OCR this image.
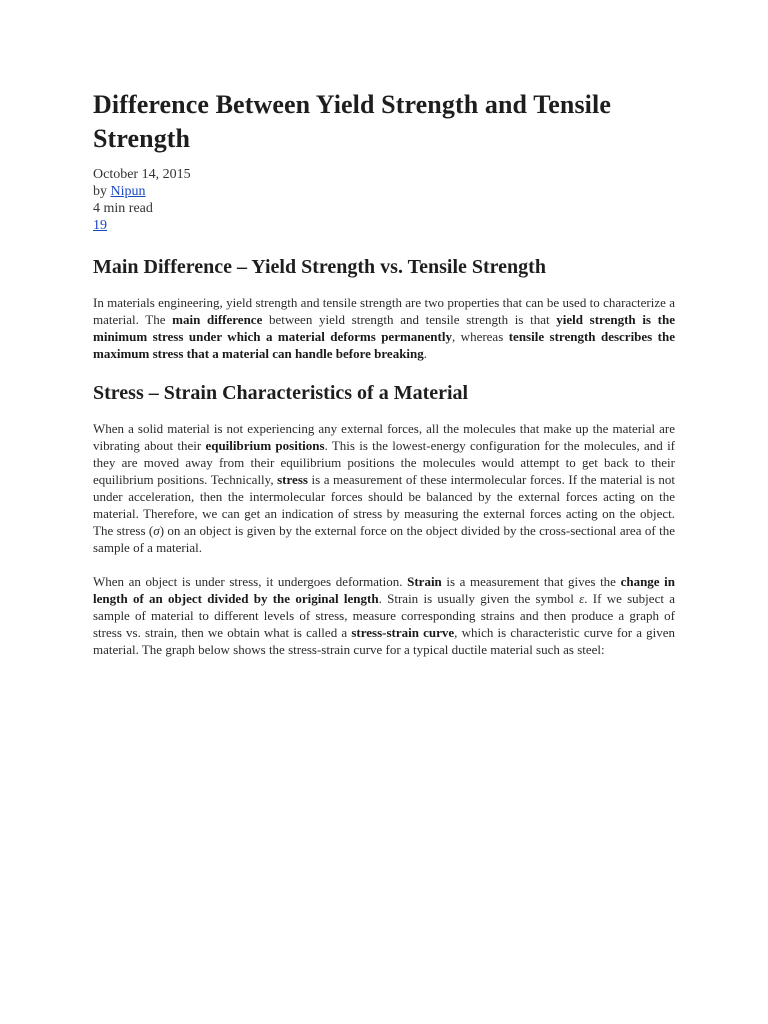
Difference Between Yield Strength and Tensile Strength
October 14, 2015
by Nipun
4 min read
19
Main Difference – Yield Strength vs. Tensile Strength

In materials engineering, yield strength and tensile strength are two properties that can be used to characterize a material. The main difference between yield strength and tensile strength is that yield strength is the minimum stress under which a material deforms permanently, whereas tensile strength describes the maximum stress that a material can handle before breaking.

Stress – Strain Characteristics of a Material

When a solid material is not experiencing any external forces, all the molecules that make up the material are vibrating about their equilibrium positions. This is the lowest-energy configuration for the molecules, and if they are moved away from their equilibrium positions the molecules would attempt to get back to their equilibrium positions. Technically, stress is a measurement of these intermolecular forces. If the material is not under acceleration, then the intermolecular forces should be balanced by the external forces acting on the material. Therefore, we can get an indication of stress by measuring the external forces acting on the object. The stress (σ) on an object is given by the external force on the object divided by the cross-sectional area of the sample of a material.

When an object is under stress, it undergoes deformation. Strain is a measurement that gives the change in length of an object divided by the original length. Strain is usually given the symbol ε. If we subject a sample of material to different levels of stress, measure corresponding strains and then produce a graph of stress vs. strain, then we obtain what is called a stress-strain curve, which is characteristic curve for a given material. The graph below shows the stress-strain curve for a typical ductile material such as steel:
